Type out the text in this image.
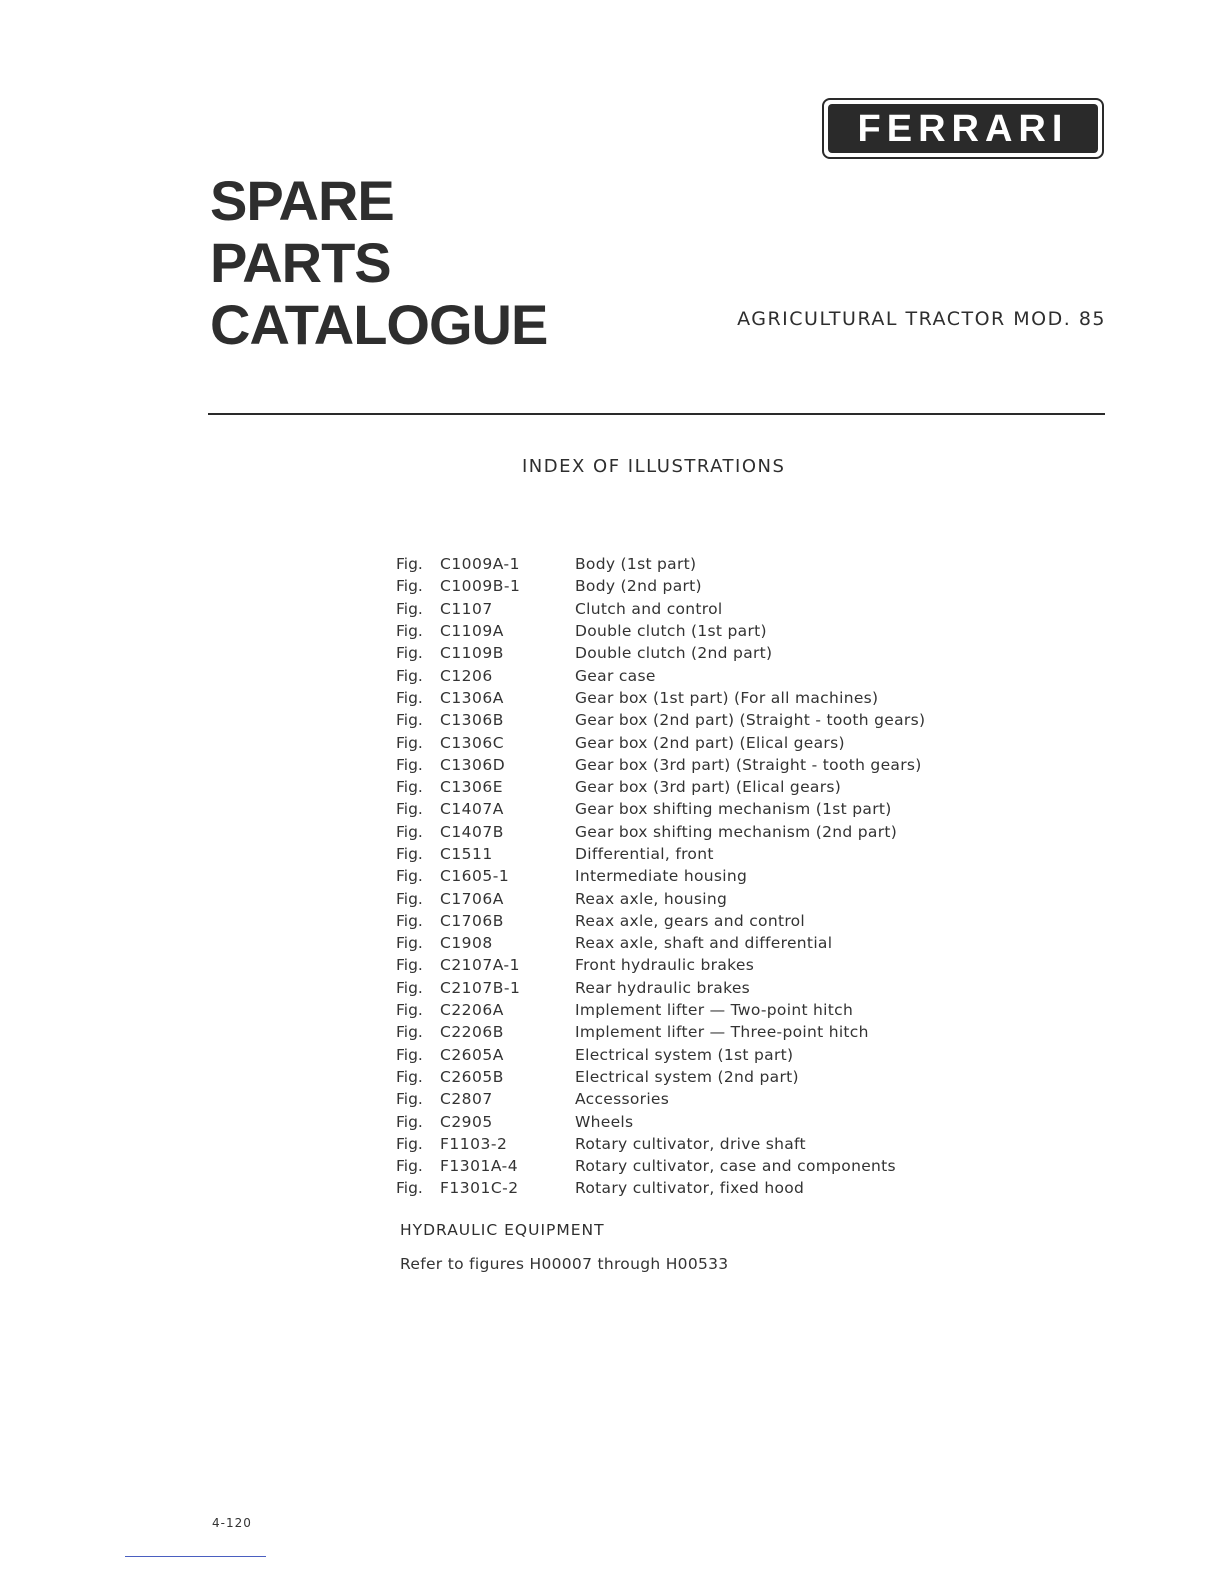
FERRARI
SPARE
PARTS
CATALOGUE	AGRICULTURAL TRACTOR MOD. 85
INDEX OF ILLUSTRATIONS
Fig.	C1009A-1	Body (1st part)
Fig.	C1009B-1	Body (2nd part)
Fig.	C1107	Clutch and control
Fig.	C1109A	Double clutch (1st part)
Fig.	C1109B	Double clutch (2nd part)
Fig.	C1206	Gear case
Fig.	C1306A	Gear box (1st part) (For all machines)
Fig.	C1306B	Gear box (2nd part) (Straight - tooth gears)
Fig.	C1306C	Gear box (2nd part) (Elical gears)
Fig.	C1306D	Gear box (3rd part) (Straight - tooth gears)
Fig.	C1306E	Gear box (3rd part) (Elical gears)
Fig.	C1407A	Gear box shifting mechanism (1st part)
Fig.	C1407B	Gear box shifting mechanism (2nd part)
Fig.	C1511	Differential, front
Fig.	C1605-1	Intermediate housing
Fig.	C1706A	Reax axle, housing
Fig.	C1706B	Reax axle, gears and control
Fig.	C1908	Reax axle, shaft and differential
Fig.	C2107A-1	Front hydraulic brakes
Fig.	C2107B-1	Rear hydraulic brakes
Fig.	C2206A	Implement lifter — Two-point hitch
Fig.	C2206B	Implement lifter — Three-point hitch
Fig.	C2605A	Electrical system (1st part)
Fig.	C2605B	Electrical system (2nd part)
Fig.	C2807	Accessories
Fig.	C2905	Wheels
Fig.	F1103-2	Rotary cultivator, drive shaft
Fig.	F1301A-4	Rotary cultivator, case and components
Fig.	F1301C-2	Rotary cultivator, fixed hood
HYDRAULIC EQUIPMENT
Refer to figures H00007 through H00533
4-120
